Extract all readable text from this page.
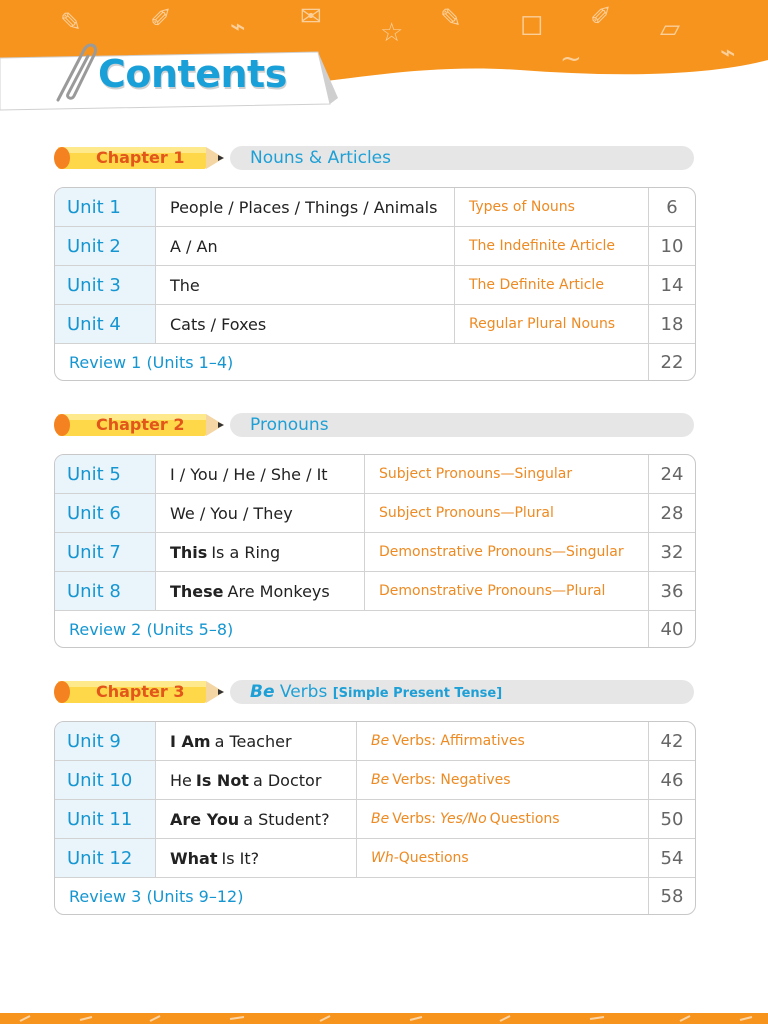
✎	✐ ⌁ ✉
☆ ✎ ☐ ✐ ▱
⌁
~
Contents
Chapter 1	Nouns & Articles
Unit 1	People / Places / Things / Animals	Types of Nouns	6
Unit 2	A / An	The Indefinite Article	10
Unit 3	The	The Definite Article	14
Unit 4	Cats / Foxes	Regular Plural Nouns	18
Review 1 (Units 1–4)	22
Chapter 2	Pronouns
Unit 5	I / You / He / She / It	Subject Pronouns—Singular	24
Unit 6	We / You / They	Subject Pronouns—Plural	28
Unit 7	This Is a Ring	Demonstrative Pronouns—Singular	32
Unit 8	These Are Monkeys	Demonstrative Pronouns—Plural	36
Review 2 (Units 5–8)	40
Chapter 3	Be Verbs [Simple Present Tense]
Unit 9	I Am a Teacher	Be Verbs: Affirmatives	42
Unit 10	He Is Not a Doctor	Be Verbs: Negatives	46
Unit 11	Are You a Student?	Be Verbs: Yes/No Questions	50
Unit 12	What Is It?	Wh- Questions	54
Review 3 (Units 9–12)	58
